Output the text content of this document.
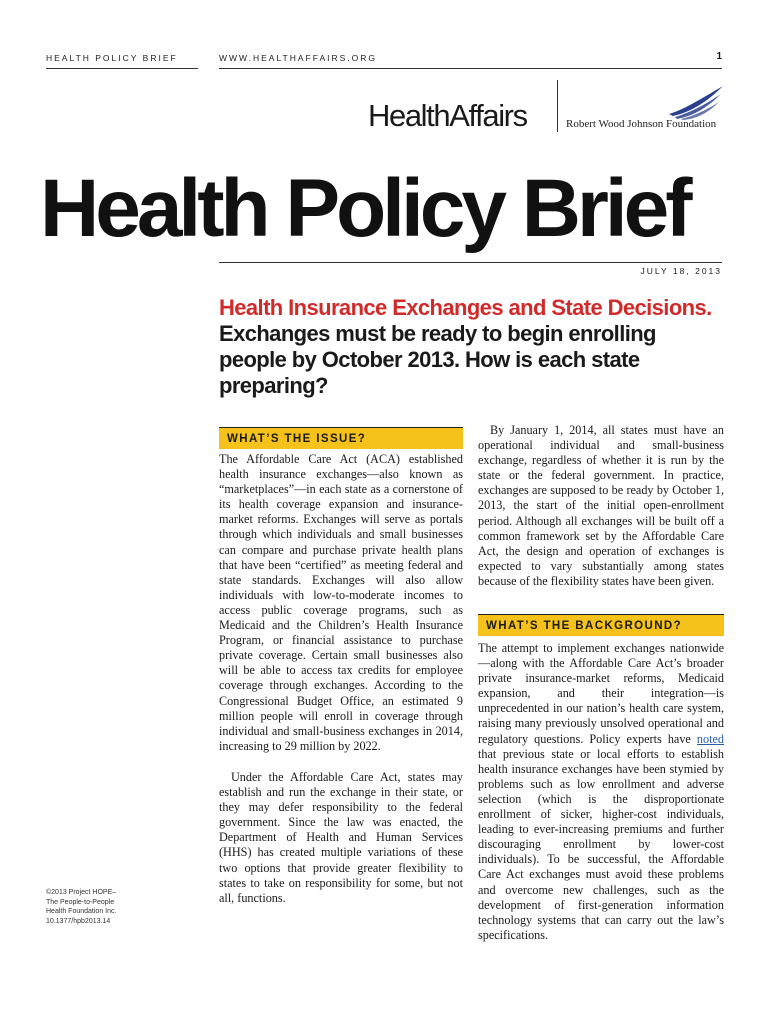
HEALTH POLICY BRIEF	WWW.HEALTHAFFAIRS.ORG	1
HealthAffairs	Robert Wood Johnson Foundation
Health Policy Brief
JULY 18, 2013
Health Insurance Exchanges and State Decisions. Exchanges must be ready to begin enrolling people by October 2013. How is each state preparing?
WHAT’S THE ISSUE?
WHAT’S THE BACKGROUND?

The Affordable Care Act (ACA) established health insurance exchanges—also known as “marketplaces”—in each state as a cornerstone of its health coverage expansion and insurance-market reforms. Exchanges will serve as portals through which individuals and small businesses can compare and purchase private health plans that have been “certified” as meeting federal and state standards. Exchanges will also allow individuals with low-to-moderate incomes to access public coverage programs, such as Medicaid and the Children’s Health Insurance Program, or financial assistance to purchase private coverage. Certain small businesses also will be able to access tax credits for employee coverage through exchanges. According to the Congressional Budget Office, an estimated 9 million people will enroll in coverage through individual and small-business exchanges in 2014, increasing to 29 million by 2022.

Under the Affordable Care Act, states may establish and run the exchange in their state, or they may defer responsibility to the federal government. Since the law was enacted, the Department of Health and Human Services (HHS) has created multiple variations of these two options that provide greater flexibility to states to take on responsibility for some, but not all, functions.

By January 1, 2014, all states must have an operational individual and small-business exchange, regardless of whether it is run by the state or the federal government. In practice, exchanges are supposed to be ready by October 1, 2013, the start of the initial open-enrollment period. Although all exchanges will be built off a common framework set by the Affordable Care Act, the design and operation of exchanges is expected to vary substantially among states because of the flexibility states have been given.

The attempt to implement exchanges nationwide—along with the Affordable Care Act’s broader private insurance-market reforms, Medicaid expansion, and their integration—is unprecedented in our nation’s health care system, raising many previously unsolved operational and regulatory questions. Policy experts have noted that previous state or local efforts to establish health insurance exchanges have been stymied by problems such as low enrollment and adverse selection (which is the disproportionate enrollment of sicker, higher-cost individuals, leading to ever-increasing premiums and further discouraging enrollment by lower-cost individuals). To be successful, the Affordable Care Act exchanges must avoid these problems and overcome new challenges, such as the development of first-generation information technology systems that can carry out the law’s specifications.

©2013 Project HOPE–
The People-to-People
Health Foundation Inc.
10.1377/hpb2013.14
